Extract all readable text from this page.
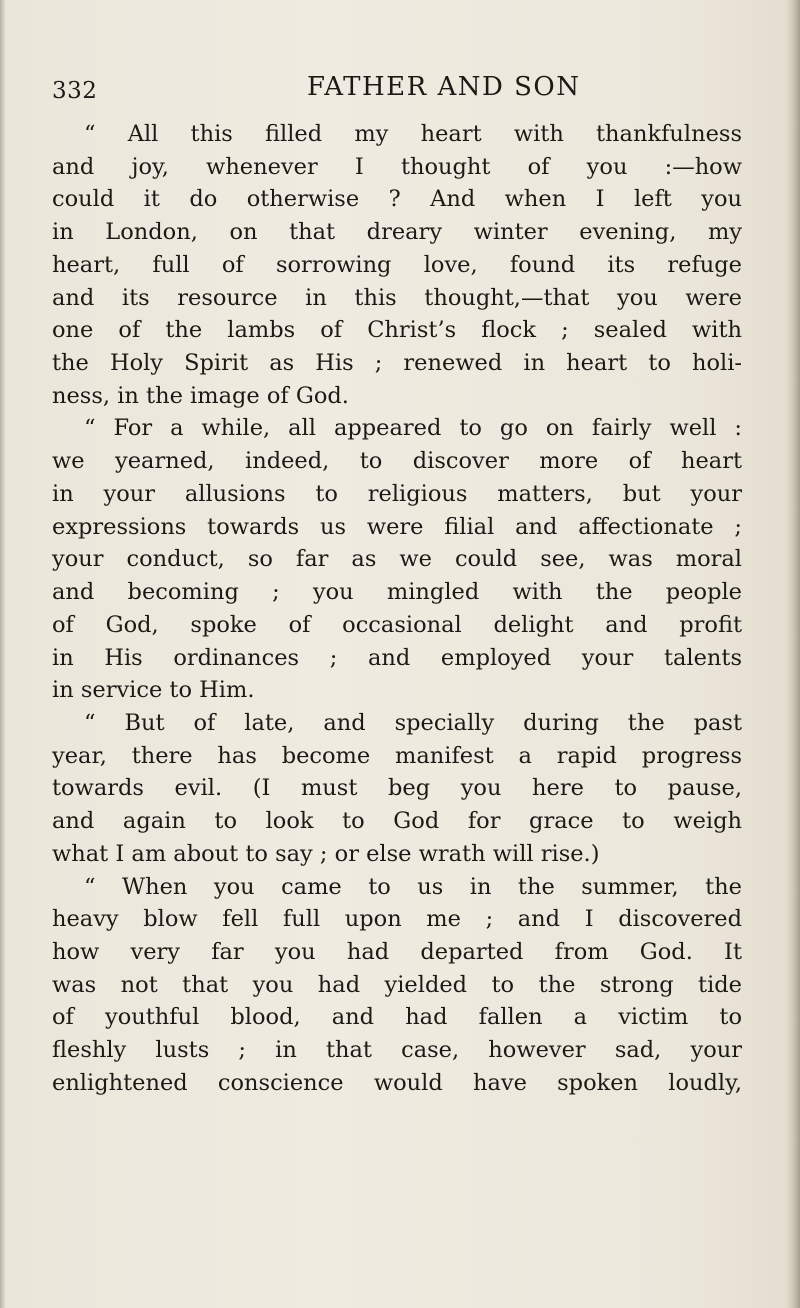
332	FATHER AND SON
“ All this filled my heart with thankfulness
and joy, whenever I thought of you :—how
could it do otherwise ? And when I left you
in London, on that dreary winter evening, my
heart, full of sorrowing love, found its refuge
and its resource in this thought,—that you were
one of the lambs of Christ’s flock ; sealed with
the Holy Spirit as His ; renewed in heart to holi-
ness, in the image of God.
“ For a while, all appeared to go on fairly well :
we yearned, indeed, to discover more of heart
in your allusions to religious matters, but your
expressions towards us were filial and affectionate ;
your conduct, so far as we could see, was moral
and becoming ; you mingled with the people
of God, spoke of occasional delight and profit
in His ordinances ; and employed your talents
in service to Him.
“ But of late, and specially during the past
year, there has become manifest a rapid progress
towards evil. (I must beg you here to pause,
and again to look to God for grace to weigh
what I am about to say ; or else wrath will rise.)
“ When you came to us in the summer, the
heavy blow fell full upon me ; and I discovered
how very far you had departed from God. It
was not that you had yielded to the strong tide
of youthful blood, and had fallen a victim to
fleshly lusts ; in that case, however sad, your
enlightened conscience would have spoken loudly,
